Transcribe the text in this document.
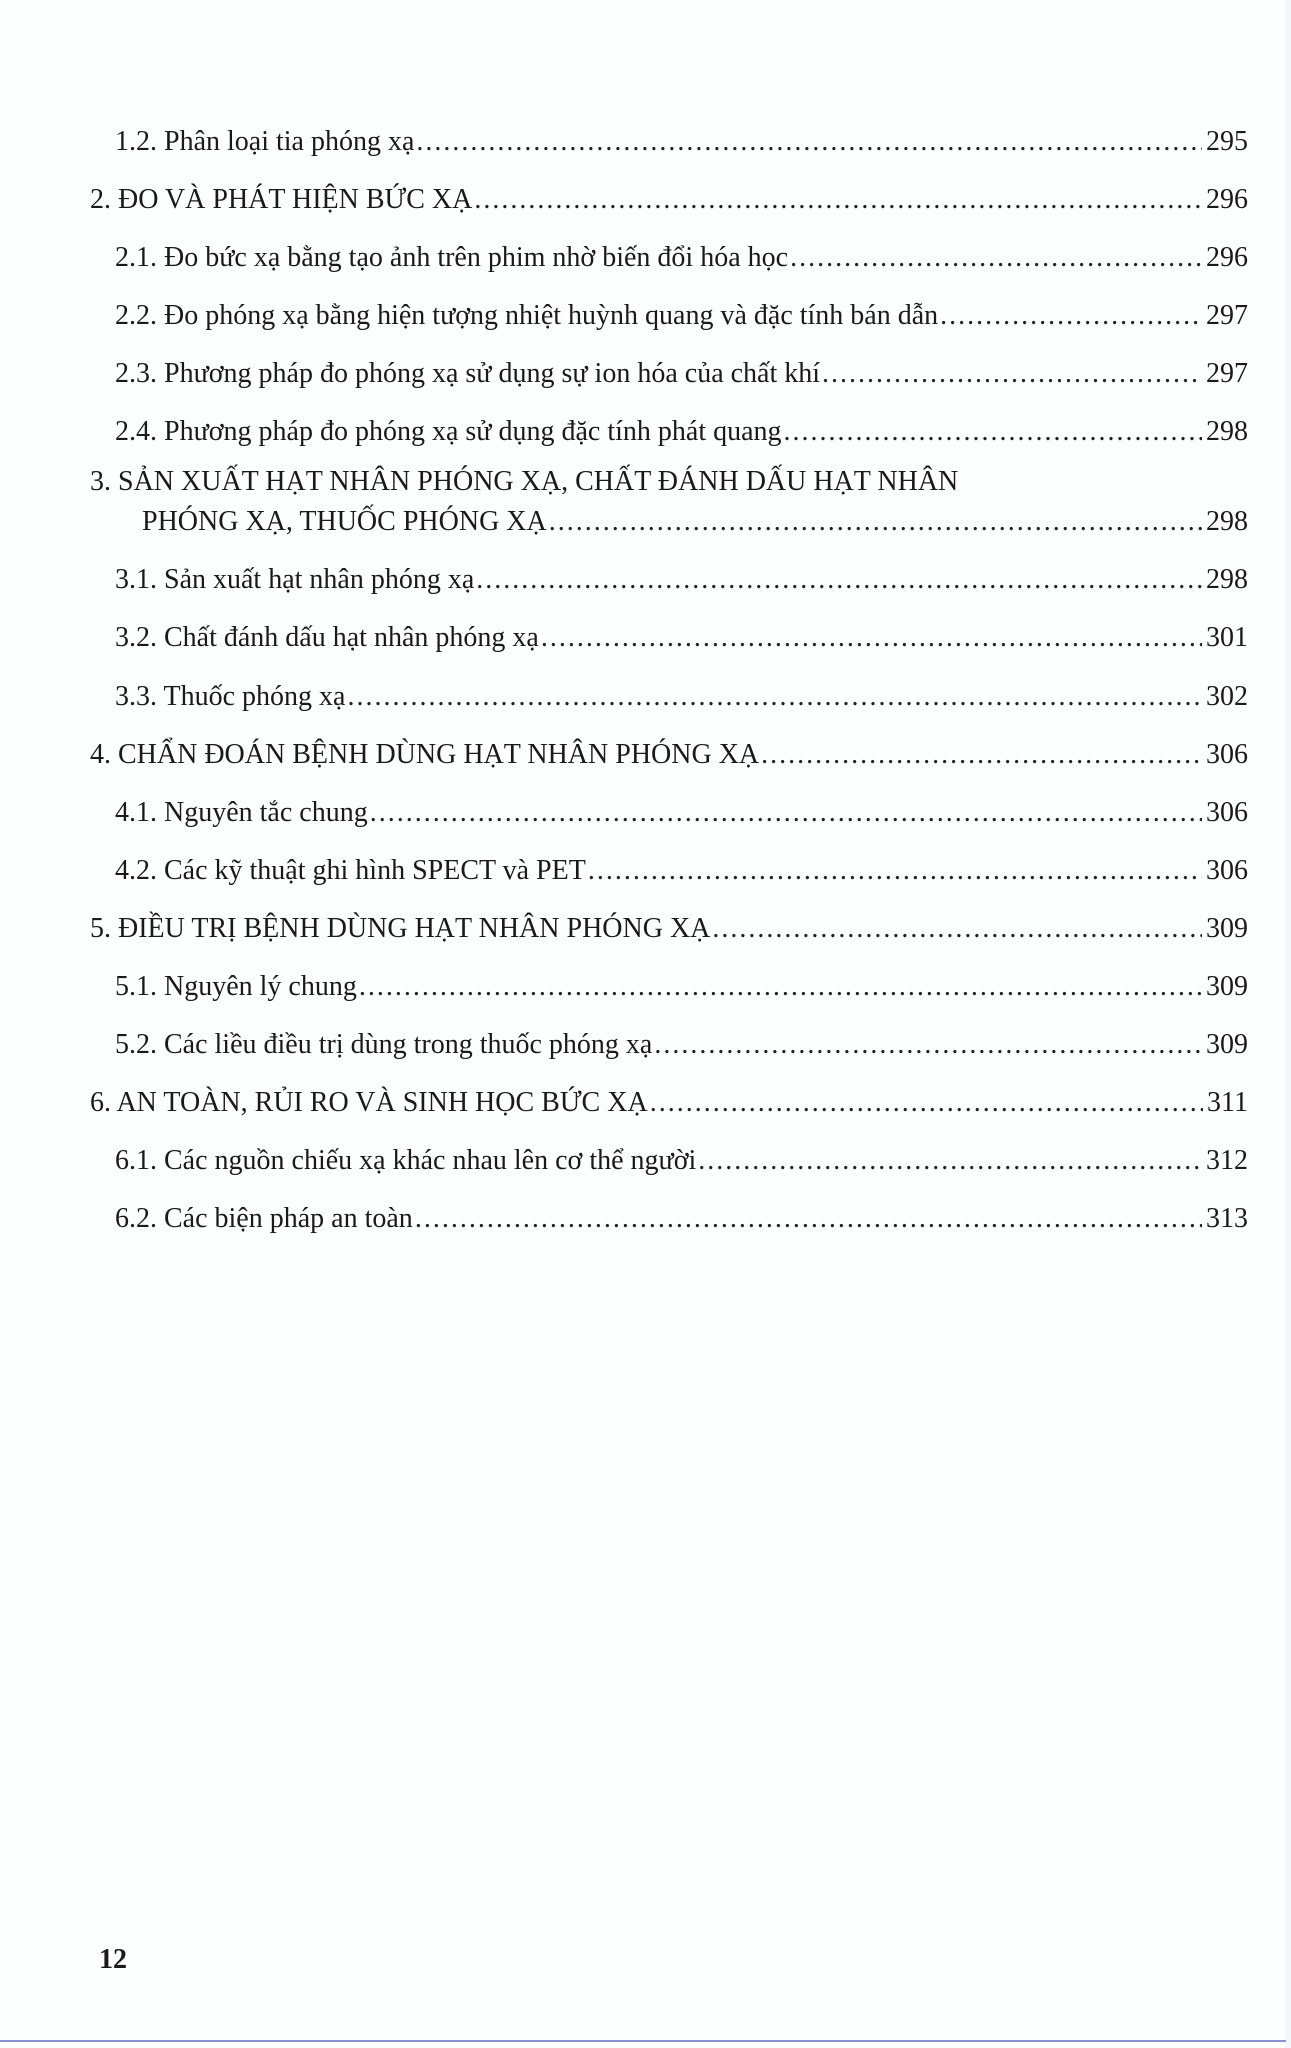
1.2. Phân loại tia phóng xạ .....	295
2. ĐO VÀ PHÁT HIỆN BỨC XẠ .....	296
2.1. Đo bức xạ bằng tạo ảnh trên phim nhờ biến đổi hóa học .....	296
2.2. Đo phóng xạ bằng hiện tượng nhiệt huỳnh quang và đặc tính bán dẫn .....	297
2.3. Phương pháp đo phóng xạ sử dụng sự ion hóa của chất khí .....	297
2.4. Phương pháp đo phóng xạ sử dụng đặc tính phát quang .....	298
3. SẢN XUẤT HẠT NHÂN PHÓNG XẠ, CHẤT ĐÁNH DẤU HẠT NHÂN
PHÓNG XẠ, THUỐC PHÓNG XẠ .....	298
3.1. Sản xuất hạt nhân phóng xạ .....	298
3.2. Chất đánh dấu hạt nhân phóng xạ .....	301
3.3. Thuốc phóng xạ .....	302
4. CHẨN ĐOÁN BỆNH DÙNG HẠT NHÂN PHÓNG XẠ .....	306
4.1. Nguyên tắc chung .....	306
4.2. Các kỹ thuật ghi hình SPECT và PET .....	306
5. ĐIỀU TRỊ BỆNH DÙNG HẠT NHÂN PHÓNG XẠ .....	309
5.1. Nguyên lý chung .....	309
5.2. Các liều điều trị dùng trong thuốc phóng xạ .....	309
6. AN TOÀN, RỦI RO VÀ SINH HỌC BỨC XẠ .....	311
6.1. Các nguồn chiếu xạ khác nhau lên cơ thể người .....	312
6.2. Các biện pháp an toàn .....	313
12
